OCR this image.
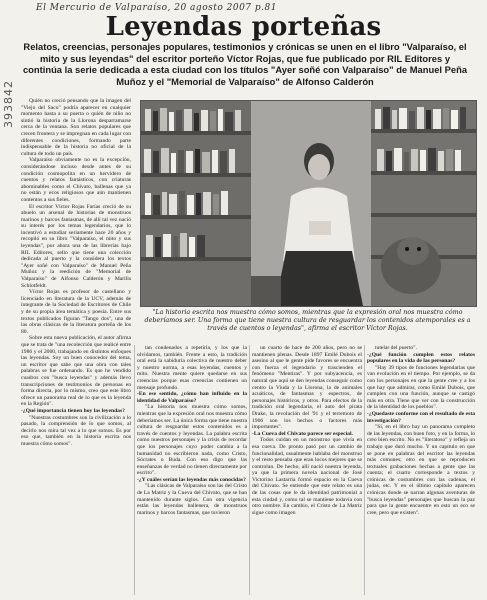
El Mercurio de Valparaíso, 20 agosto 2007 p.81
393842
Leyendas porteñas
Relatos, creencias, personajes populares, testimonios y crónicas se unen en el libro "Valparaíso, el mito y sus leyendas" del escritor porteño Víctor Rojas, que fue publicado por RIL Editores y continúa la serie dedicada a esta ciudad con los títulos "Ayer soñé con Valparaíso" de Manuel Peña Muñoz y el "Memorial de Valparaíso" de Alfonso Calderón
"La historia escrita nos muestra cómo somos, mientras que la expresión oral nos muestra cómo deberíamos ser. Una forma que tiene nuestra cultura de resguardar los contenidos atemporales es a través de cuentos o leyendas", afirma el escritor Víctor Rojas.

Quién no creció pensando que la imagen del "Viejo del Saco" podría aparecer en cualquier momento hasta a su puerta o quién de niño no sintió la historia de la Llorona desparramarse cerca de la ventana. Son relatos populares que crecen frontera y se impregnan en cada lugar con diferentes condiciones, formando parte indispensable de la historia no oficial de la cultura de todo un país.

Valparaíso obviamente no es la excepción, considerándose incluso desde antes de su condición cosmopolita en un hervidero de cuentos y relatos fantásticos, con criaturas abominables como el Chivato, ballenas que ya no están y ecos religiosos que aún mantienen contentos a sus fieles.

El escritor Víctor Rojas Farías creció de su abuelo un arsenal de historias de monstruos marinos y barcos fantasmas, de allí tal vez nació su interés por los temas legendarios, que lo incentivó a estudiar seriamente hace 20 años y recopiló en su libro "Valparaíso, el mito y sus leyendas", por ahora una de las librerías bajo RIL Editores, sello que tiene una colección dedicada al puerto y la considera los textos "Ayer soñé con Valparaíso" de Manuel Peña Muñoz y la reedición de "Memorial de Valparaíso" de Alfonso Calderón y Marilis Schlotfeldt.

Víctor Rojas es profesor de castellano y licenciado en literatura de la UCV, además de integrante de la Sociedad de Escritores de Chile y de su propia área temática y poesía. Entre sus textos publicados figuran "Tango dos", una de las obras clásicas de la literatura porteña de los 80.

Sobre esta nueva publicación, el autor afirma que se trata de "una recolección que realicé entre 1986 y el 2000, trabajando en distintos enfoques las leyendas. Soy un buen conocedor del tema, un escritor que sabe que una obra con tales palabras se fue ordenando. Es que he vendido cuadros con "busca leyendas" y además llevo transcripciones de testimonios de personas en forma directa, por lo mismo, creo que este libro ofrece un panorama real de lo que es la leyenda en la Región".

-¿Qué importancia tienen hoy las leyendas?

"Nuestras costumbres son la civilización a lo pasado, la comprensión de lo que somos, al decirlo nos mira tal vez a lo que somos. Es por eso que, también en la historia escrita nos muestra cómo somos".

tan condenados a repetirla, y los que la olvidamos, también. Frente a esto, la tradición oral está la sabiduría colectiva de nuestro deber y nuestro norma, a esas leyendas, cuentos y mito. Nuestra mente quiere quedarse en sus creencias porque esas creencias contienen un mensaje profundo.

-En ese sentido, ¿cómo han influido en la identidad de Valparaíso?

"La historia nos muestra cómo somos, mientras que la expresión oral nos muestra cómo deberíamos ser. La única forma que tiene nuestra cultura de resguardar estos contenidos es a través de cuentos y leyendas. La palabra escrita como nuestros personajes y la crisis de recordar que los personajes cuyo poder cambia a la humanidad no escribieron nada, como Cristo, Sócrates o Buda. Con eso digo que las enseñanzas de verdad no tienen directamente por escrito".

-¿Y cuáles serían las leyendas más conocidas?

"Las clásicas de Valparaíso son las del Cristo de La Matriz y la Cueva del Chivato, que se han mantenido durante siglos. Con otra vigencia están las leyendas ballenera, de monstruos marinos y barcos fantasmas, que tuvieron

un cuarto de hace de 200 años, pero no se mantienen plenas. Desde 1897 Emilé Dubois el asesino al que le gente pide favores se encuentra con fuerza el legendario y trascienden el fenómeno "Mentiras". Y por subyacencia, es natural que aquí se den leyendas conseguir como centro la Viuda y la Llorona, la de animales acuáticos, de fantasmas y espectros, de personajes históricos, y otros. Para efectos de la tradición oral legendaria, el auto del pirata Drake, la revolución del '91 y el terremoto de 1906 son los hechos o factores más importantes".

-La Cueva del Chivato parece ser especial.

Todos cuidan en un monstruo que vivía en esa cueva. De pronto pasó por un cambio de funcionalidad, usualmente hablaba del monstruo y el resto pensaba que eran locos mejores que se controlan. De hecho, allí nació nuestra leyenda, ya que la primera novela nacional de José Victorino Lastarria formó espacio en la Cueva del Chivato. Se entiende que este relato es una de las cosas que le da identidad patrimonial a esta ciudad y, como tal se mantiene todavía con otro nombre. En cambio, el Cristo de La Matriz sigue como imagen

tutelar del puerto".

-¿Qué función cumplen estos relatos populares en la vida de las personas?

"Hay 39 tipos de funciones legendarias que van evolución en el tiempo. Por ejemplo, se da con los personajes en que la gente cree y a los que hay que admirar, como Emilé Dubois, que cumplen con una función, aunque se castigó más en otra. Tiene que ver con la construcción de la identidad de los pueblos".

-¿Quedaste conforme con el resultado de esta investigación?

"Sí, en el libro hay un panorama completo de las leyendas, con buen foto, y en la forma, lo creo bien escrito. No es "literatoso" y refleja un trabajo que duró mucho. Y un capítulo en que se pone en palabras del escritor las leyendas más comunes; otro en que se reproducen textuales grabaciones hechas a gente que las cuenta; el cuarto corresponde a textos y crónicas de costumbres con las cadenas, el judas, etc. Y en el último capítulo aparecen crónicas donde se narran algunas aventuras de "busca leyendas" personajes que buscan la paz para que la gente encuentre en esto un eco se cree, pero que existen".
